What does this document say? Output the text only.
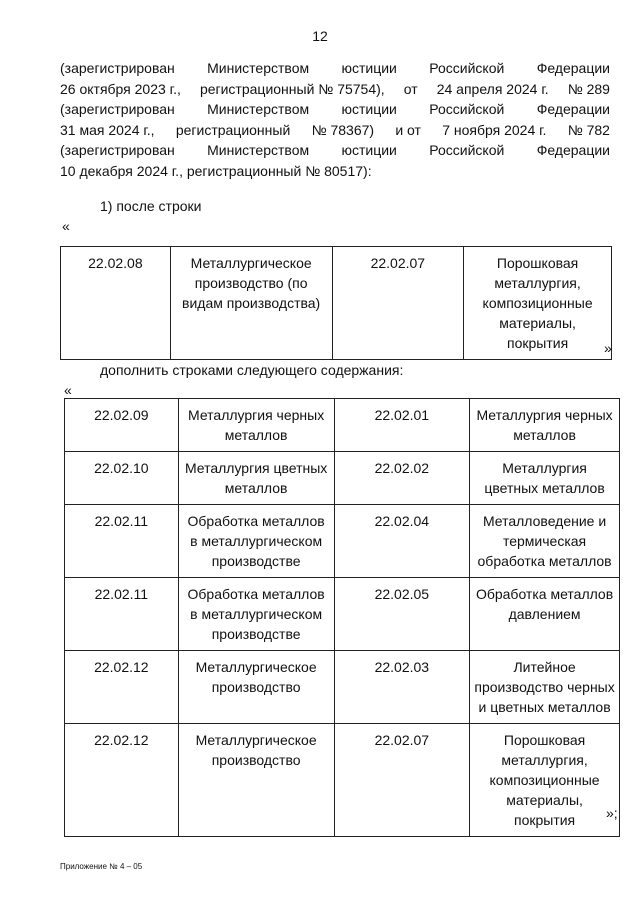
12
(зарегистрирован Министерством юстиции Российской Федерации
26 октября 2023 г., регистрационный № 75754), от 24 апреля 2024 г. № 289
(зарегистрирован Министерством юстиции Российской Федерации
31 мая 2024 г., регистрационный № 78367) и от 7 ноября 2024 г. № 782
(зарегистрирован Министерством юстиции Российской Федерации
10 декабря 2024 г., регистрационный № 80517):
1) после строки
«
22.02.08	Металлургическое производство (по видам производства)	22.02.07	Порошковая металлургия, композиционные материалы, покрытия	»
дополнить строками следующего содержания:
«
22.02.09	Металлургия черных металлов	22.02.01	Металлургия черных металлов
22.02.10	Металлургия цветных металлов	22.02.02	Металлургия цветных металлов
22.02.11	Обработка металлов в металлургическом производстве	22.02.04	Металловедение и термическая обработка металлов
22.02.11	Обработка металлов в металлургическом производстве	22.02.05	Обработка металлов давлением
22.02.12	Металлургическое производство	22.02.03	Литейное производство черных и цветных металлов
22.02.12	Металлургическое производство	22.02.07	Порошковая металлургия, композиционные материалы, покрытия »;
Приложение № 4 – 05
